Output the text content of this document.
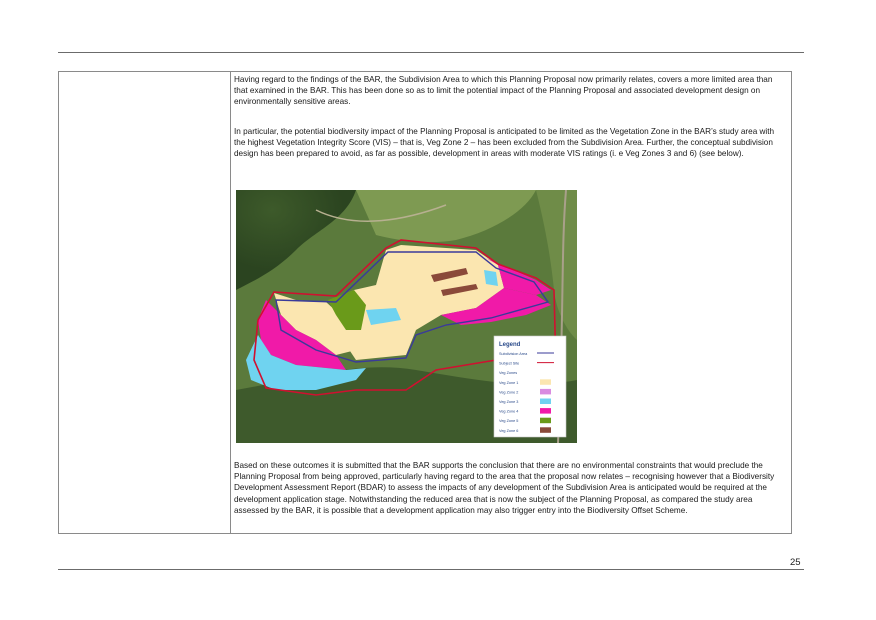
Having regard to the findings of the BAR, the Subdivision Area to which this Planning Proposal now primarily relates, covers a more limited area than that examined in the BAR. This has been done so as to limit the potential impact of the Planning Proposal and associated development design on environmentally sensitive areas.

In particular, the potential biodiversity impact of the Planning Proposal is anticipated to be limited as the Vegetation Zone in the BAR’s study area with the highest Vegetation Integrity Score (VIS) – that is, Veg Zone 2 – has been excluded from the Subdivision Area. Further, the conceptual subdivision design has been prepared to avoid, as far as possible, development in areas with moderate VIS ratings (i. e Veg Zones 3 and 6) (see below).

Based on these outcomes it is submitted that the BAR supports the conclusion that there are no environmental constraints that would preclude the Planning Proposal from being approved, particularly having regard to the area that the proposal now relates – recognising however that a Biodiversity Development Assessment Report (BDAR) to assess the impacts of any development of the Subdivision Area is anticipated would be required at the development application stage. Notwithstanding the reduced area that is now the subject of the Planning Proposal, as compared the study area assessed by the BAR, it is possible that a development application may also trigger entry into the Biodiversity Offset Scheme.

Legend
Subdivision Area
Subject Site
Veg Zones
Veg Zone 1
Veg Zone 2
Veg Zone 3
Veg Zone 4
Veg Zone 5
Veg Zone 6
25
